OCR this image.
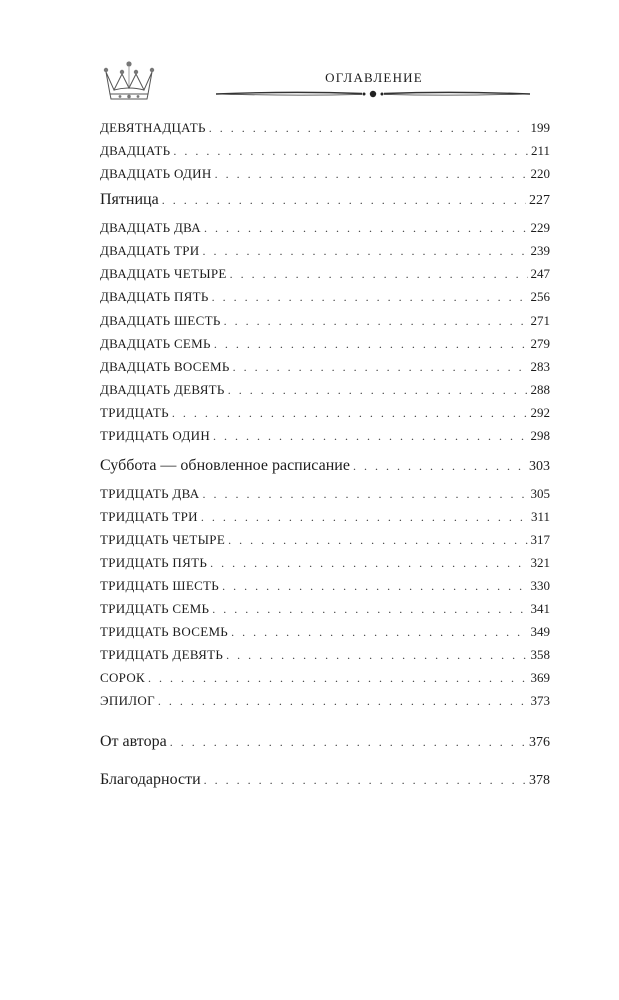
ОГЛАВЛЕНИЕ
ДЕВЯТНАДЦАТЬ . . .	199
ДВАДЦАТЬ . . .	211
ДВАДЦАТЬ ОДИН . . .	220
Пятница . . .	227
ДВАДЦАТЬ ДВА . . .	229
ДВАДЦАТЬ ТРИ . . .	239
ДВАДЦАТЬ ЧЕТЫРЕ . . .	247
ДВАДЦАТЬ ПЯТЬ . . .	256
ДВАДЦАТЬ ШЕСТЬ . . .	271
ДВАДЦАТЬ СЕМЬ . . .	279
ДВАДЦАТЬ ВОСЕМЬ . . .	283
ДВАДЦАТЬ ДЕВЯТЬ . . .	288
ТРИДЦАТЬ . . .	292
ТРИДЦАТЬ ОДИН . . .	298
Суббота — обновленное расписание . . .	303
ТРИДЦАТЬ ДВА . . .	305
ТРИДЦАТЬ ТРИ . . .	311
ТРИДЦАТЬ ЧЕТЫРЕ . . .	317
ТРИДЦАТЬ ПЯТЬ . . .	321
ТРИДЦАТЬ ШЕСТЬ . . .	330
ТРИДЦАТЬ СЕМЬ . . .	341
ТРИДЦАТЬ ВОСЕМЬ . . .	349
ТРИДЦАТЬ ДЕВЯТЬ . . .	358
СОРОК . . .	369
ЭПИЛОГ . . .	373
От автора . . .	376
Благодарности . . .	378
